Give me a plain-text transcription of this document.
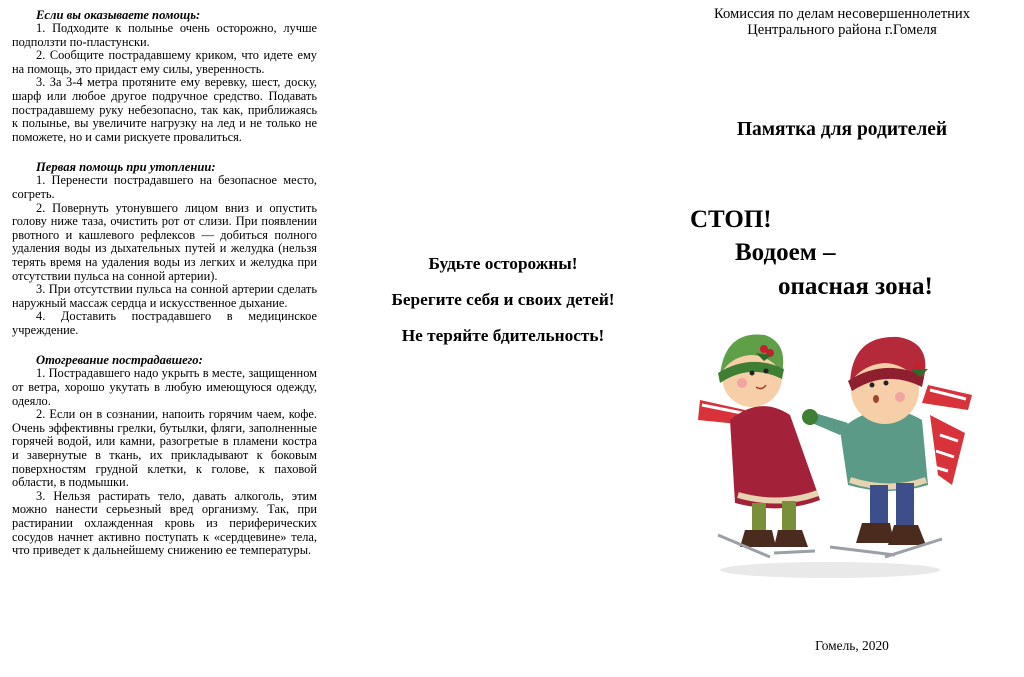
Если вы оказываете помощь:

1. Подходите к полынье очень осторожно, лучше подползти по-пластунски.

2. Сообщите пострадавшему криком, что идете ему на помощь, это придаст ему силы, уверенность.

3. За 3-4 метра протяните ему веревку, шест, доску, шарф или любое другое подручное средство. Подавать пострадавшему руку небезопасно, так как, приближаясь к полынье, вы увеличите нагрузку на лед и не только не поможете, но и сами рискуете провалиться.

Первая помощь при утоплении:

1. Перенести пострадавшего на безопасное место, согреть.

2. Повернуть утонувшего лицом вниз и опустить голову ниже таза, очистить рот от слизи. При появлении рвотного и кашлевого рефлексов — добиться полного удаления воды из дыхательных путей и желудка (нельзя терять время на удаления воды из легких и желудка при отсутствии пульса на сонной артерии).

3. При отсутствии пульса на сонной артерии сделать наружный массаж сердца и искусственное дыхание.

4. Доставить пострадавшего в медицинское учреждение.

Отогревание пострадавшего:

1. Пострадавшего надо укрыть в месте, защищенном от ветра, хорошо укутать в любую имеющуюся одежду, одеяло.

2. Если он в сознании, напоить горячим чаем, кофе. Очень эффективны грелки, бутылки, фляги, заполненные горячей водой, или камни, разогретые в пламени костра и завернутые в ткань, их прикладывают к боковым поверхностям грудной клетки, к голове, к паховой области, в подмышки.

3. Нельзя растирать тело, давать алкоголь, этим можно нанести серьезный вред организму. Так, при растирании охлажденная кровь из периферических сосудов начнет активно поступать к «сердцевине» тела, что приведет к дальнейшему снижению ее температуры.

Будьте осторожны!
Берегите себя и своих детей!
Не теряйте бдительность!
Комиссия по делам несовершеннолетних
Центрального района г.Гомеля
Памятка для родителей
СТОП!
Водоем –
опасная зона!
Гомель, 2020
